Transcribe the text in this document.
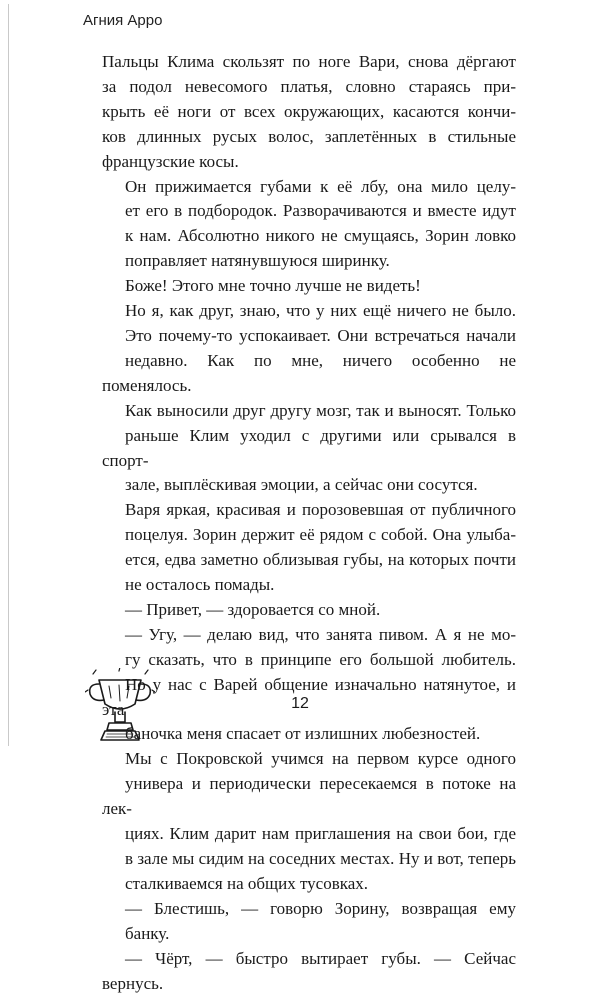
Агния Арро
Пальцы Клима скользят по ноге Вари, снова дёргают
за подол невесомого платья, словно стараясь при-
крыть её ноги от всех окружающих, касаются кончи-
ков длинных русых волос, заплетённых в стильные
французские косы.
Он прижимается губами к её лбу, она мило целу-
ет его в подбородок. Разворачиваются и вместе идут
к нам. Абсолютно никого не смущаясь, Зорин ловко
поправляет натянувшуюся ширинку.
Боже! Этого мне точно лучше не видеть!
Но я, как друг, знаю, что у них ещё ничего не было.
Это почему-то успокаивает. Они встречаться начали
недавно. Как по мне, ничего особенно не поменялось.
Как выносили друг другу мозг, так и выносят. Только
раньше Клим уходил с другими или срывался в спорт-
зале, выплёскивая эмоции, а сейчас они сосутся.
Варя яркая, красивая и порозовевшая от публичного
поцелуя. Зорин держит её рядом с собой. Она улыба-
ется, едва заметно облизывая губы, на которых почти
не осталось помады.
— Привет, — здоровается со мной.
— Угу, — делаю вид, что занята пивом. А я не мо-
гу сказать, что в принципе его большой любитель.
Но у нас с Варей общение изначально натянутое, и эта
баночка меня спасает от излишних любезностей.
Мы с Покровской учимся на первом курсе одного
универа и периодически пересекаемся в потоке на лек-
циях. Клим дарит нам приглашения на свои бои, где
в зале мы сидим на соседних местах. Ну и вот, теперь
сталкиваемся на общих тусовках.
— Блестишь, — говорю Зорину, возвращая ему
банку.
— Чёрт, — быстро вытирает губы. — Сейчас вернусь.
12
